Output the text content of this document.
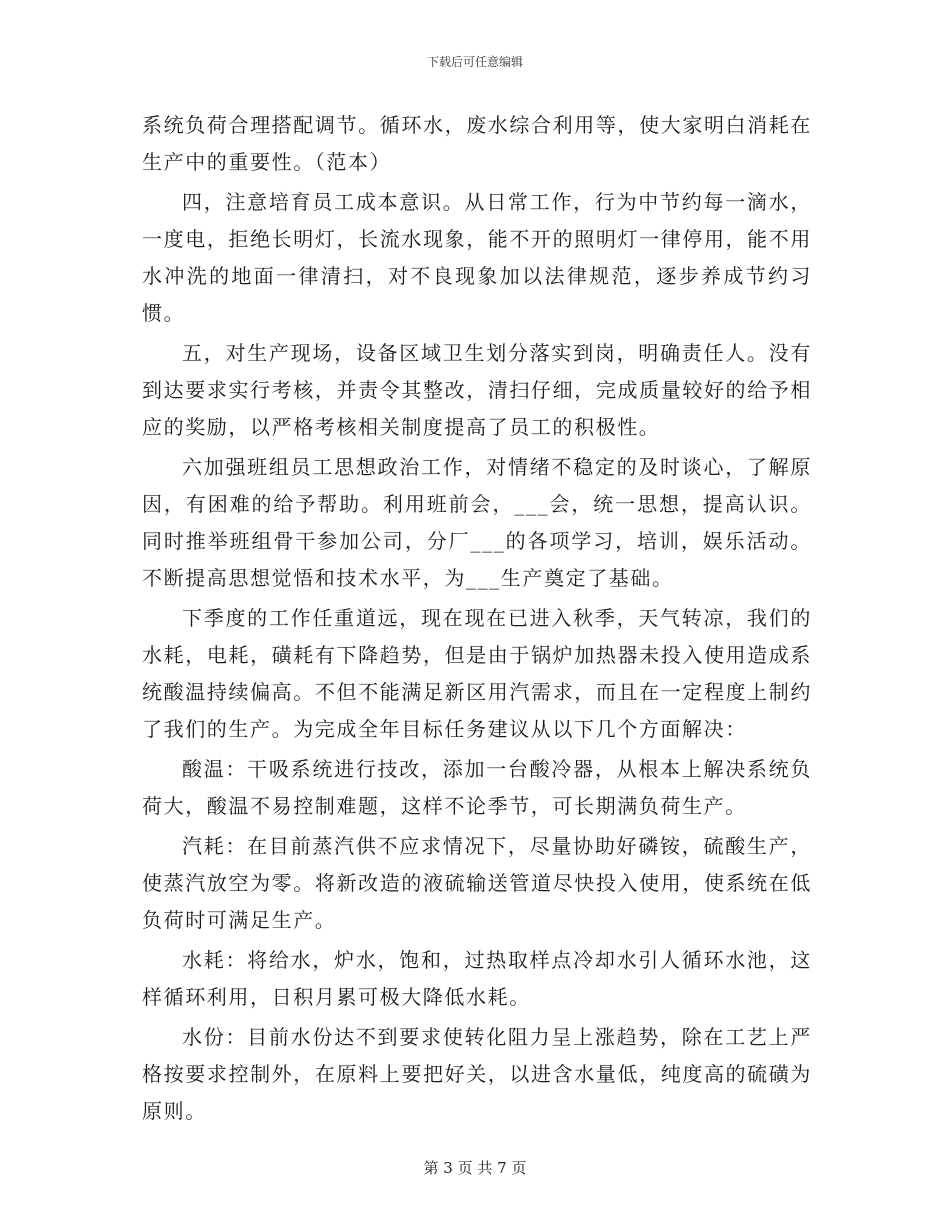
下载后可任意编辑

系统负荷合理搭配调节。循环水，废水综合利用等，使大家明白消耗在生产中的重要性。（范本）

四，注意培育员工成本意识。从日常工作，行为中节约每一滴水，一度电，拒绝长明灯，长流水现象，能不开的照明灯一律停用，能不用水冲洗的地面一律清扫，对不良现象加以法律规范，逐步养成节约习惯。

五，对生产现场，设备区域卫生划分落实到岗，明确责任人。没有到达要求实行考核，并责令其整改，清扫仔细，完成质量较好的给予相应的奖励，以严格考核相关制度提高了员工的积极性。

六加强班组员工思想政治工作，对情绪不稳定的及时谈心，了解原因，有困难的给予帮助。利用班前会，___会，统一思想，提高认识。同时推举班组骨干参加公司，分厂___的各项学习，培训，娱乐活动。不断提高思想觉悟和技术水平，为___生产奠定了基础。

下季度的工作任重道远，现在现在已进入秋季，天气转凉，我们的水耗，电耗，磺耗有下降趋势，但是由于锅炉加热器未投入使用造成系统酸温持续偏高。不但不能满足新区用汽需求，而且在一定程度上制约了我们的生产。为完成全年目标任务建议从以下几个方面解决：

酸温：干吸系统进行技改，添加一台酸冷器，从根本上解决系统负荷大，酸温不易控制难题，这样不论季节，可长期满负荷生产。

汽耗：在目前蒸汽供不应求情况下，尽量协助好磷铵，硫酸生产，使蒸汽放空为零。将新改造的液硫输送管道尽快投入使用，使系统在低负荷时可满足生产。

水耗：将给水，炉水，饱和，过热取样点冷却水引人循环水池，这样循环利用，日积月累可极大降低水耗。

水份：目前水份达不到要求使转化阻力呈上涨趋势，除在工艺上严格按要求控制外，在原料上要把好关，以进含水量低，纯度高的硫磺为原则。

第 3 页 共 7 页
